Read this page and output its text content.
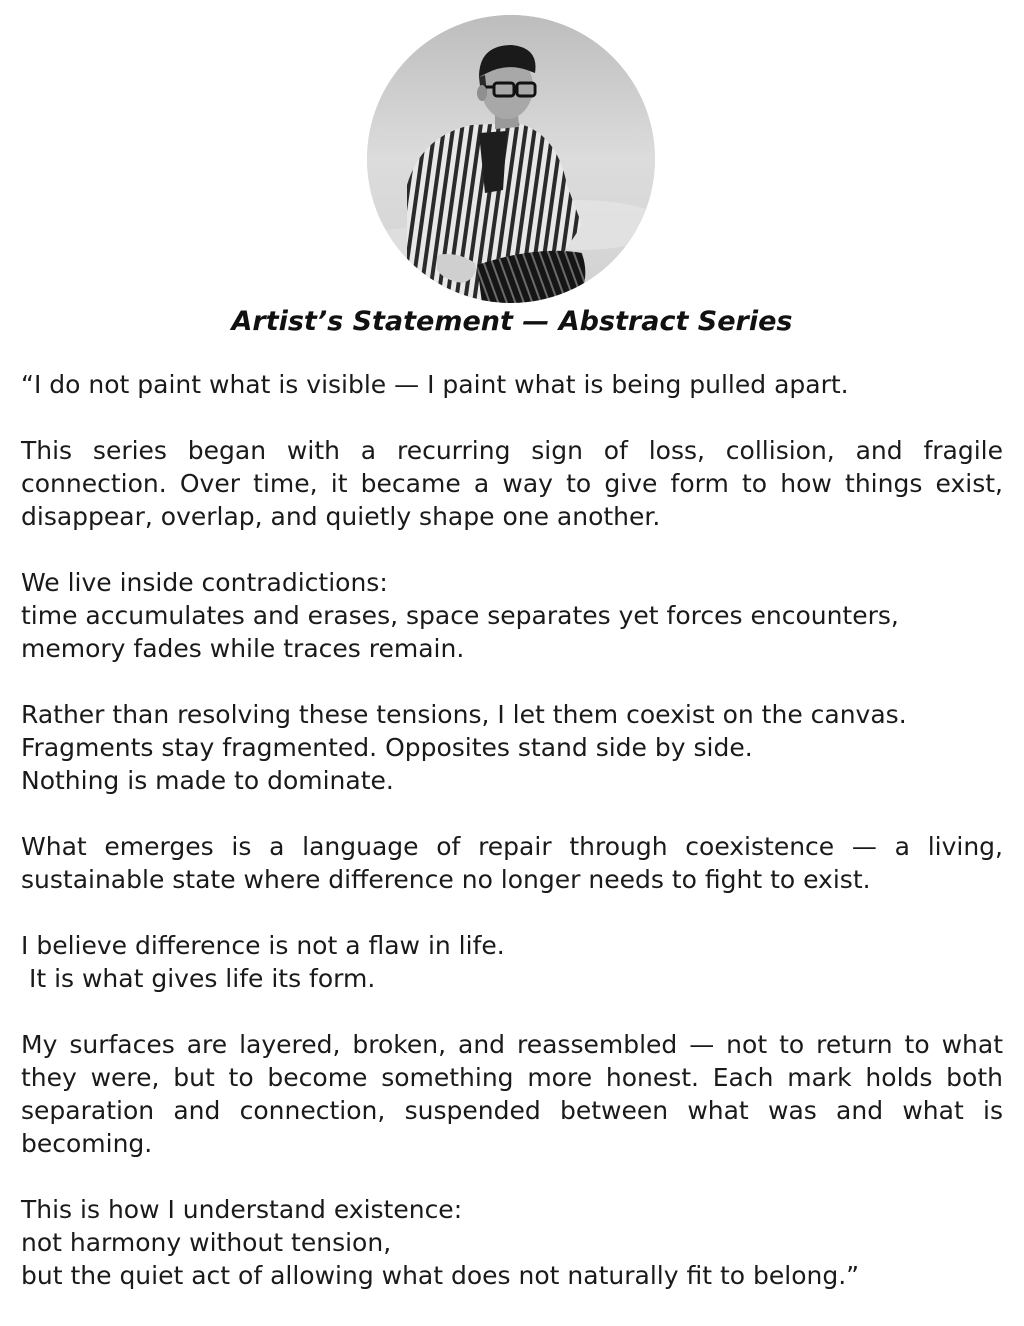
Artist’s Statement — Abstract Series

“I do not paint what is visible — I paint what is being pulled apart.

This series began with a recurring sign of loss, collision, and fragile connection. Over time, it became a way to give form to how things exist, disappear, overlap, and quietly shape one another.

We live inside contradictions:
time accumulates and erases, space separates yet forces encounters,
memory fades while traces remain.

Rather than resolving these tensions, I let them coexist on the canvas.
Fragments stay fragmented. Opposites stand side by side.
Nothing is made to dominate.

What emerges is a language of repair through coexistence — a living, sustainable state where difference no longer needs to fight to exist.

I believe difference is not a flaw in life.
It is what gives life its form.

My surfaces are layered, broken, and reassembled — not to return to what they were, but to become something more honest. Each mark holds both separation and connection, suspended between what was and what is becoming.

This is how I understand existence:
not harmony without tension,
but the quiet act of allowing what does not naturally fit to belong.”
